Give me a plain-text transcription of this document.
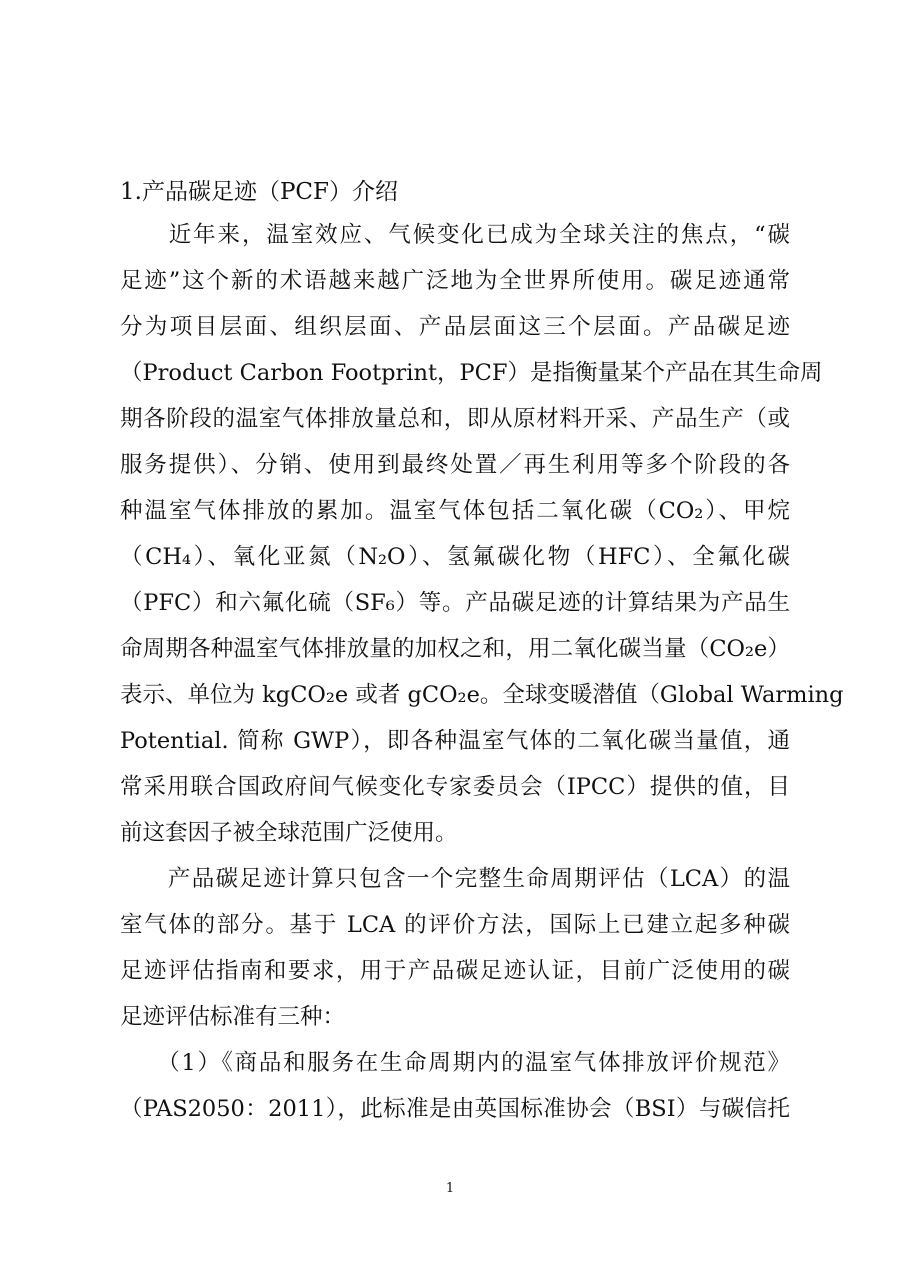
1.产品碳足迹（PCF）介绍
　　近年来，温室效应、气候变化已成为全球关注的焦点，“碳
足迹”这个新的术语越来越广泛地为全世界所使用。碳足迹通常
分为项目层面、组织层面、产品层面这三个层面。产品碳足迹
（Product Carbon Footprint，PCF）是指衡量某个产品在其生命周
期各阶段的温室气体排放量总和，即从原材料开采、产品生产（或
服务提供）、分销、使用到最终处置／再生利用等多个阶段的各
种温室气体排放的累加。温室气体包括二氧化碳（CO₂）、甲烷
（CH₄）、氧化亚氮（N₂O）、氢氟碳化物（HFC）、全氟化碳
（PFC）和六氟化硫（SF₆）等。产品碳足迹的计算结果为产品生
命周期各种温室气体排放量的加权之和，用二氧化碳当量（CO₂e）
表示、单位为 kgCO₂e 或者 gCO₂e。全球变暖潜值（Global Warming
Potential. 简称 GWP），即各种温室气体的二氧化碳当量值，通
常采用联合国政府间气候变化专家委员会（IPCC）提供的值，目
前这套因子被全球范围广泛使用。
　　产品碳足迹计算只包含一个完整生命周期评估（LCA）的温
室气体的部分。基于 LCA 的评价方法，国际上已建立起多种碳
足迹评估指南和要求，用于产品碳足迹认证，目前广泛使用的碳
足迹评估标准有三种：
　　（1）《商品和服务在生命周期内的温室气体排放评价规范》
（PAS2050：2011），此标准是由英国标准协会（BSI）与碳信托
1
